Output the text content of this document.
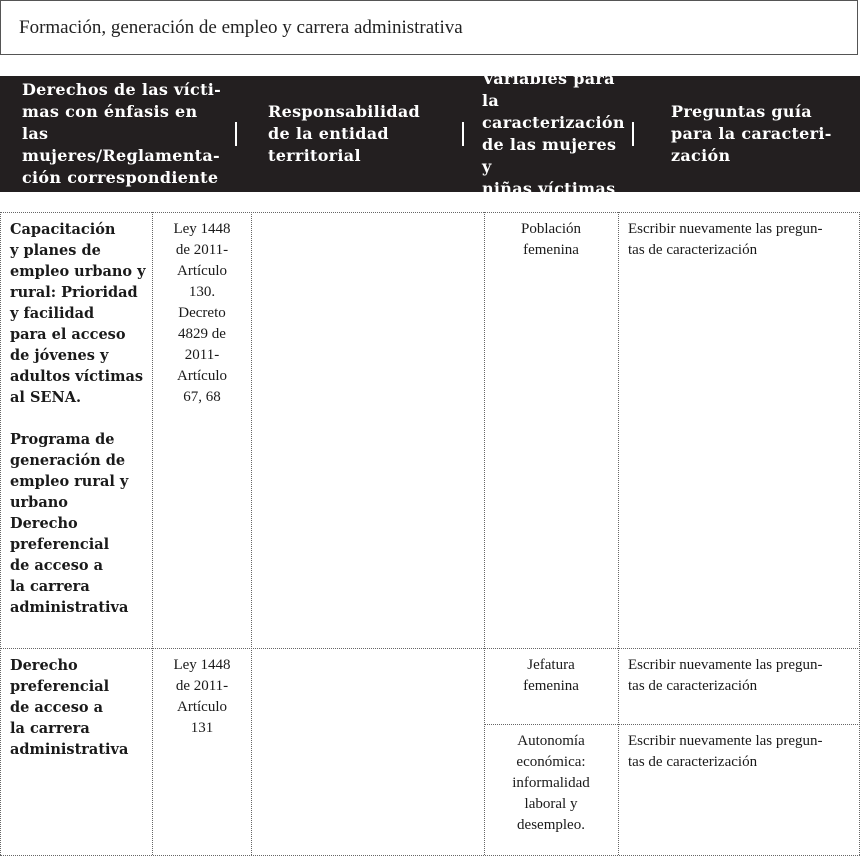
Formación, generación de empleo y carrera administrativa
Derechos de las vícti-
mas con énfasis en las
mujeres/Reglamenta-
ción correspondiente
Responsabilidad
de la entidad
territorial
Variables para la
caracterización
de las mujeres y
niñas víctimas
Preguntas guía
para la caracteri-
zación
Capacitación
y planes de
empleo urbano y
rural: Prioridad
y facilidad
para el acceso
de jóvenes y
adultos víctimas
al SENA.

Programa de
generación de
empleo rural y
urbano
Derecho
preferencial
de acceso a
la carrera
administrativa
Ley 1448
de 2011-
Artículo
130.
Decreto
4829 de
2011-
Artículo
67, 68
Población
femenina
Escribir nuevamente las pregun-
tas de caracterización
Derecho
preferencial
de acceso a
la carrera
administrativa
Ley 1448
de 2011-
Artículo
131
Jefatura
femenina
Escribir nuevamente las pregun-
tas de caracterización
Autonomía
económica:
informalidad
laboral y
desempleo.
Escribir nuevamente las pregun-
tas de caracterización
